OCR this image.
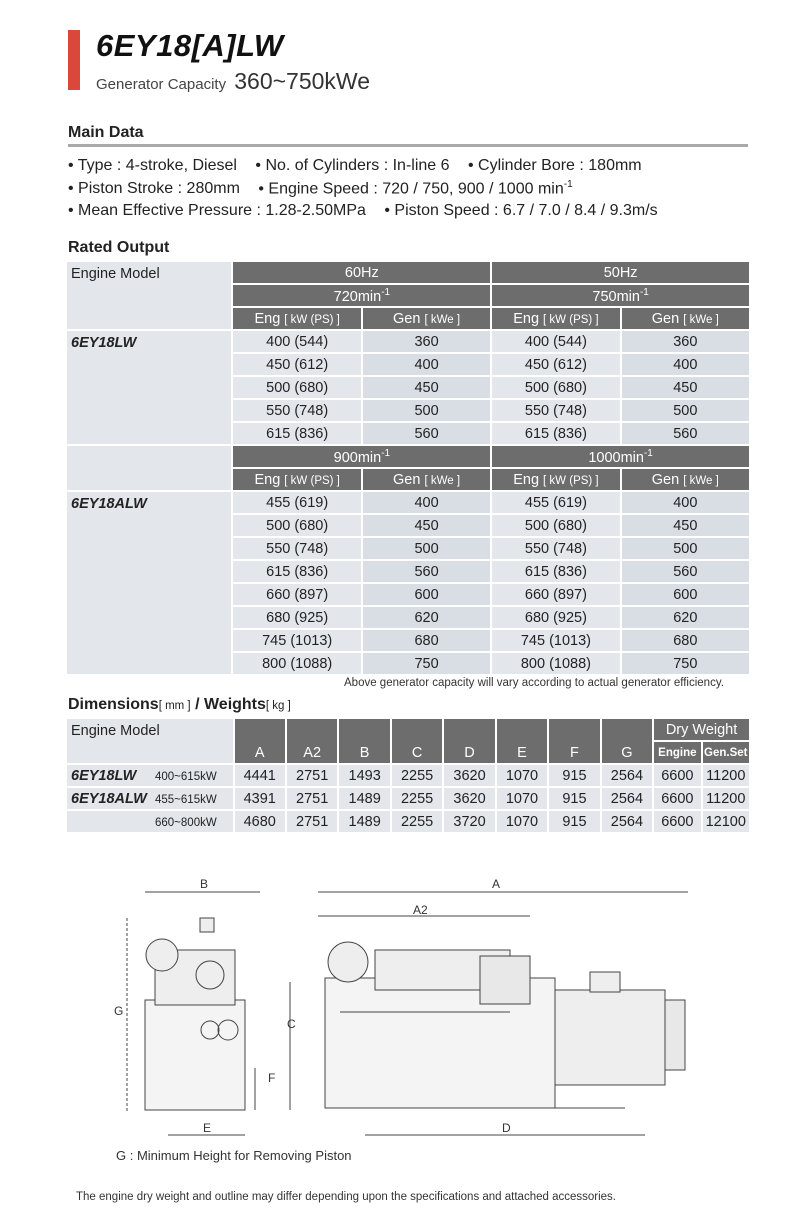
6EY18[A]LW
Generator Capacity 360~750kWe
Main Data
• Type : 4-stroke, Diesel • No. of Cylinders : In-line 6 • Cylinder Bore : 180mm
• Piston Stroke : 280mm • Engine Speed : 720 / 750, 900 / 1000 $\min^{-1}$
• Mean Effective Pressure : 1.28-2.50MPa • Piston Speed : 6.7 / 7.0 / 8.4 / 9.3m/s
Rated Output
Engine Model	60Hz		50Hz	
	$720\min^{-1}$		$750\min^{-1}$
	Eng [ kW (PS) ]	Gen [ kWe ]	Eng [ kW (PS) ]	Gen [ kWe ]
6EY18LW	400 (544)	360	400 (544)	360
	450 (612)	400	450 (612)	400
	500 (680)	450	500 (680)	450
	550 (748)	500	550 (748)	500
	615 (836)	560	615 (836)	560
	$900\min^{-1}$		$1000\min^{-1}$
	Eng [ kW (PS) ]	Gen [ kWe ]	Eng [ kW (PS) ]	Gen [ kWe ]
6EY18ALW	455 (619)	400	455 (619)	400
	500 (680)	450	500 (680)	450
	550 (748)	500	550 (748)	500
	615 (836)	560	615 (836)	560
	660 (897)	600	660 (897)	600
	680 (925)	620	680 (925)	620
	745 (1013)	680	745 (1013)	680
	800 (1088)	750	800 (1088)	750
Above generator capacity will vary according to actual generator efficiency.
Dimensions[ mm ] / Weights[ kg ]
Engine Model	A	A2	B	C	D	E	F	G	Dry Weight	
									Engine	Gen.Set
6EY18LW 400~615kW	4441	2751	1493	2255	3620	1070	915	2564	6600	11200
6EY18ALW 455~615kW	4391	2751	1489	2255	3620	1070	915	2564	6600	11200
660~800kW	4680	2751	1489	2255	3720	1070	915	2564	6600	12100
B
G
C
F
E
A
A2
D
G : Minimum Height for Removing Piston
The engine dry weight and outline may differ depending upon the specifications and attached accessories.
